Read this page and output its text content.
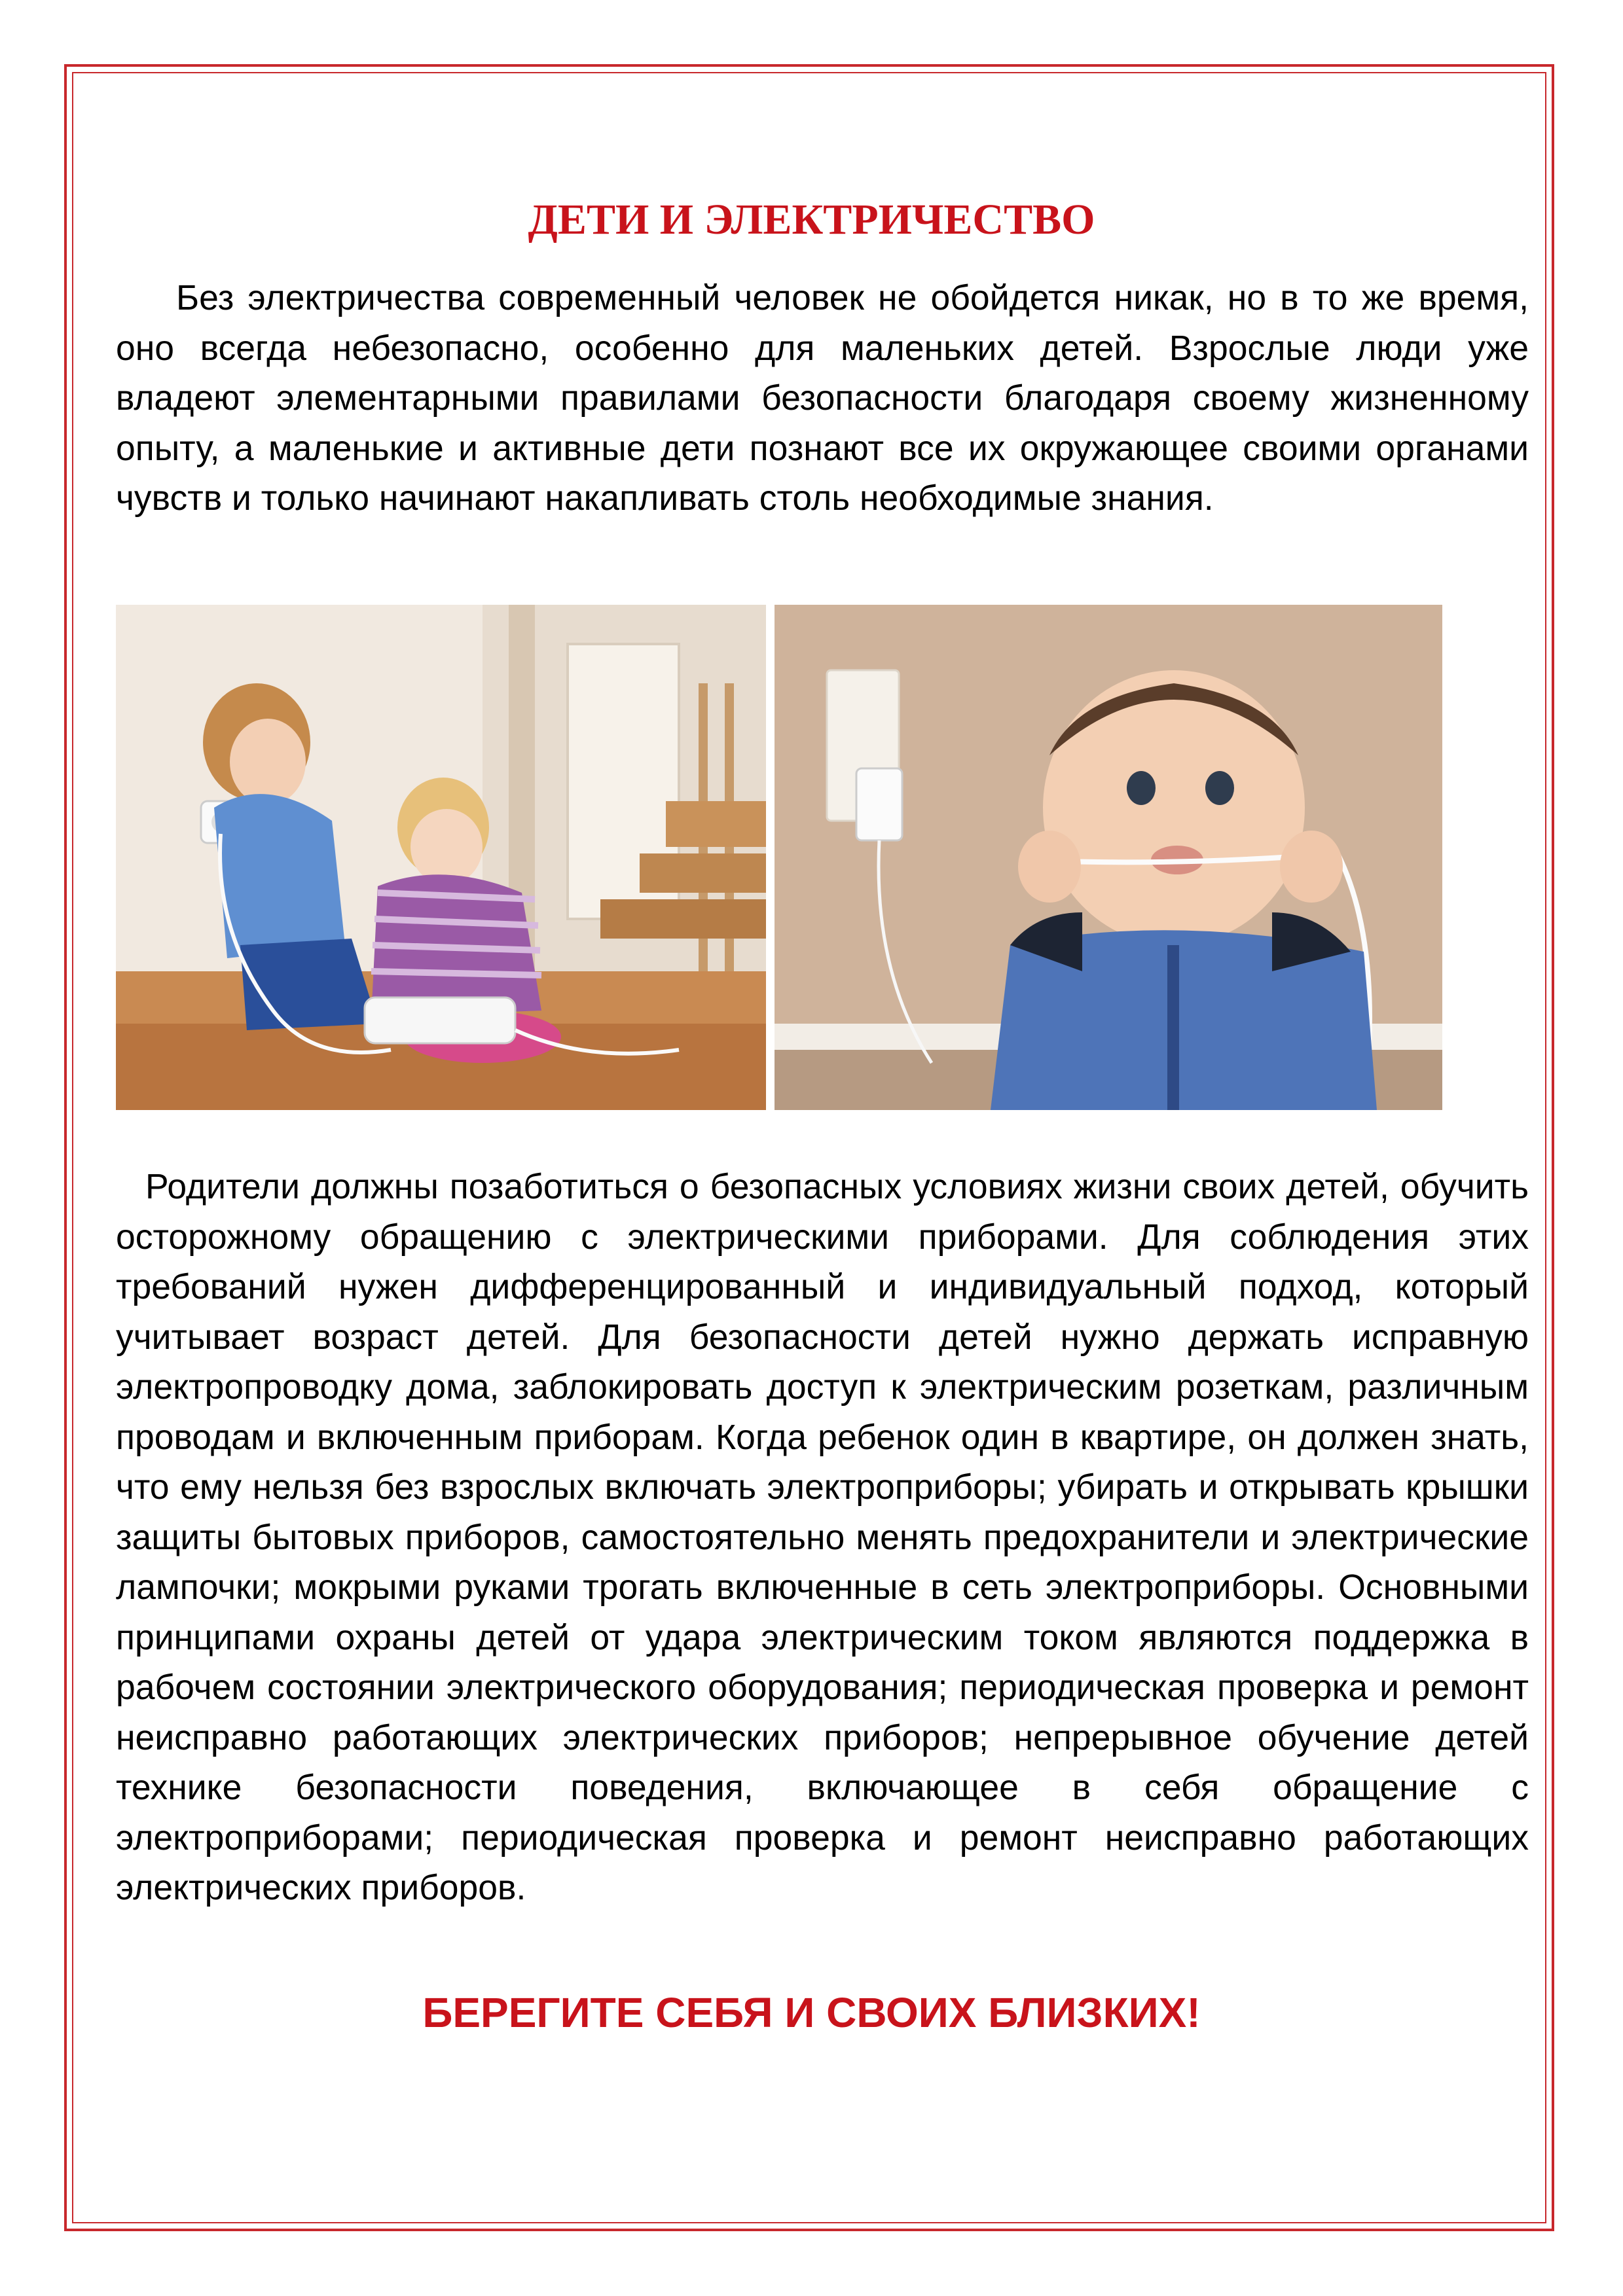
ДЕТИ И ЭЛЕКТРИЧЕСТВО

Без электричества современный человек не обойдется никак, но в то же время, оно всегда небезопасно, особенно для маленьких детей. Взрослые люди уже владеют элементарными правилами безопасности благодаря своему жизненному опыту, а маленькие и активные дети познают все их окружающее своими органами чувств и только начинают накапливать столь необходимые знания.

Родители должны позаботиться о безопасных условиях жизни своих детей, обучить осторожному обращению с электрическими приборами. Для соблюдения этих требований нужен дифференцированный и индивидуальный подход, который учитывает возраст детей. Для безопасности детей нужно держать исправную электропроводку дома, заблокировать доступ к электрическим розеткам, различным проводам и включенным приборам. Когда ребенок один в квартире, он должен знать, что ему нельзя без взрослых включать электроприборы; убирать и открывать крышки защиты бытовых приборов, самостоятельно менять предохранители и электрические лампочки; мокрыми руками трогать включенные в сеть электроприборы. Основными принципами охраны детей от удара электрическим током являются поддержка в рабочем состоянии электрического оборудования; периодическая проверка и ремонт неисправно работающих электрических приборов; непрерывное обучение детей технике безопасности поведения, включающее в себя обращение с электроприборами; периодическая проверка и ремонт неисправно работающих электрических приборов.

БЕРЕГИТЕ СЕБЯ И СВОИХ БЛИЗКИХ!
